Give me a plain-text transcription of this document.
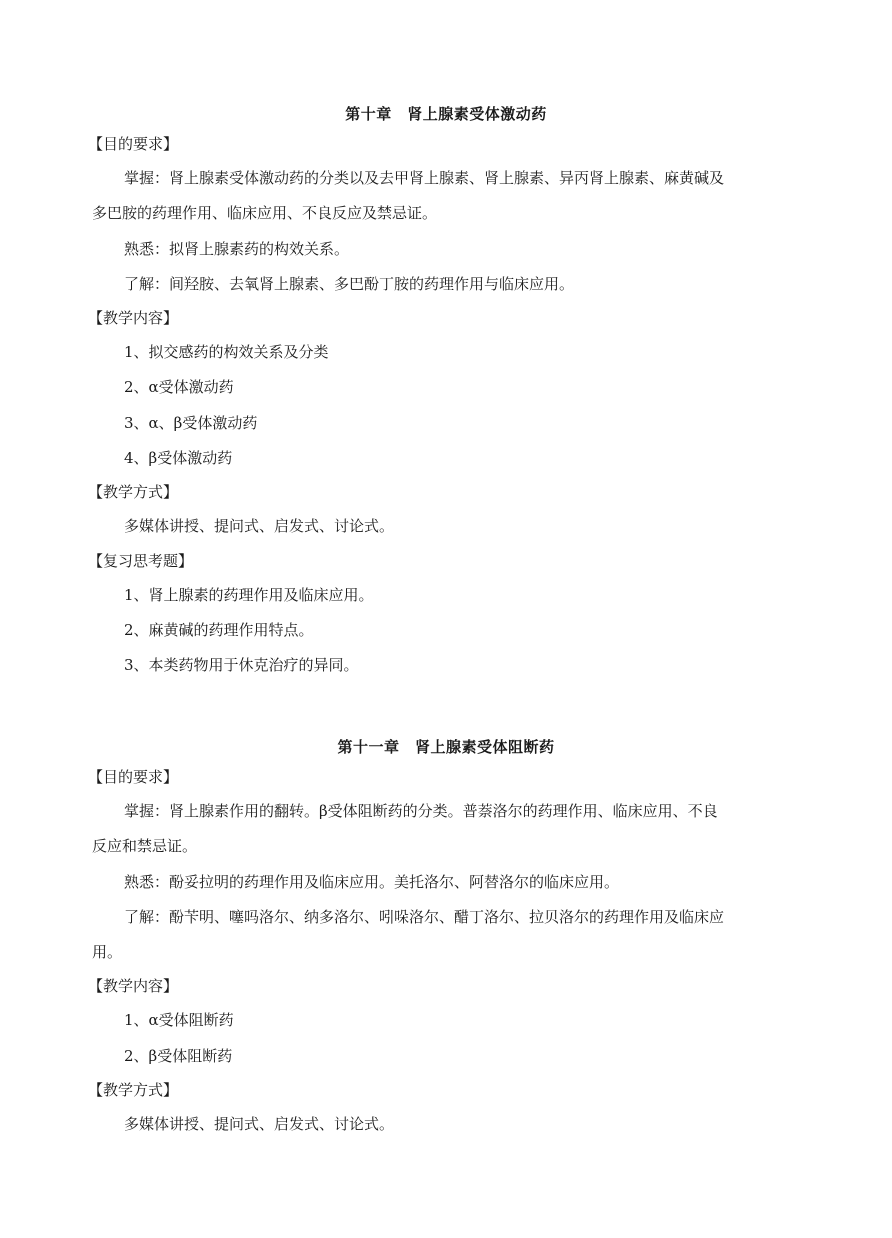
第十章　肾上腺素受体激动药
【目的要求】
掌握：肾上腺素受体激动药的分类以及去甲肾上腺素、肾上腺素、异丙肾上腺素、麻黄碱及
多巴胺的药理作用、临床应用、不良反应及禁忌证。
熟悉：拟肾上腺素药的构效关系。
了解：间羟胺、去氧肾上腺素、多巴酚丁胺的药理作用与临床应用。
【教学内容】
1、拟交感药的构效关系及分类
2、α受体激动药
3、α、β受体激动药
4、β受体激动药
【教学方式】
多媒体讲授、提问式、启发式、讨论式。
【复习思考题】
1、肾上腺素的药理作用及临床应用。
2、麻黄碱的药理作用特点。
3、本类药物用于休克治疗的异同。
第十一章　肾上腺素受体阻断药
【目的要求】
掌握：肾上腺素作用的翻转。β受体阻断药的分类。普萘洛尔的药理作用、临床应用、不良
反应和禁忌证。
熟悉：酚妥拉明的药理作用及临床应用。美托洛尔、阿替洛尔的临床应用。
了解：酚苄明、噻吗洛尔、纳多洛尔、吲哚洛尔、醋丁洛尔、拉贝洛尔的药理作用及临床应
用。
【教学内容】
1、α受体阻断药
2、β受体阻断药
【教学方式】
多媒体讲授、提问式、启发式、讨论式。
